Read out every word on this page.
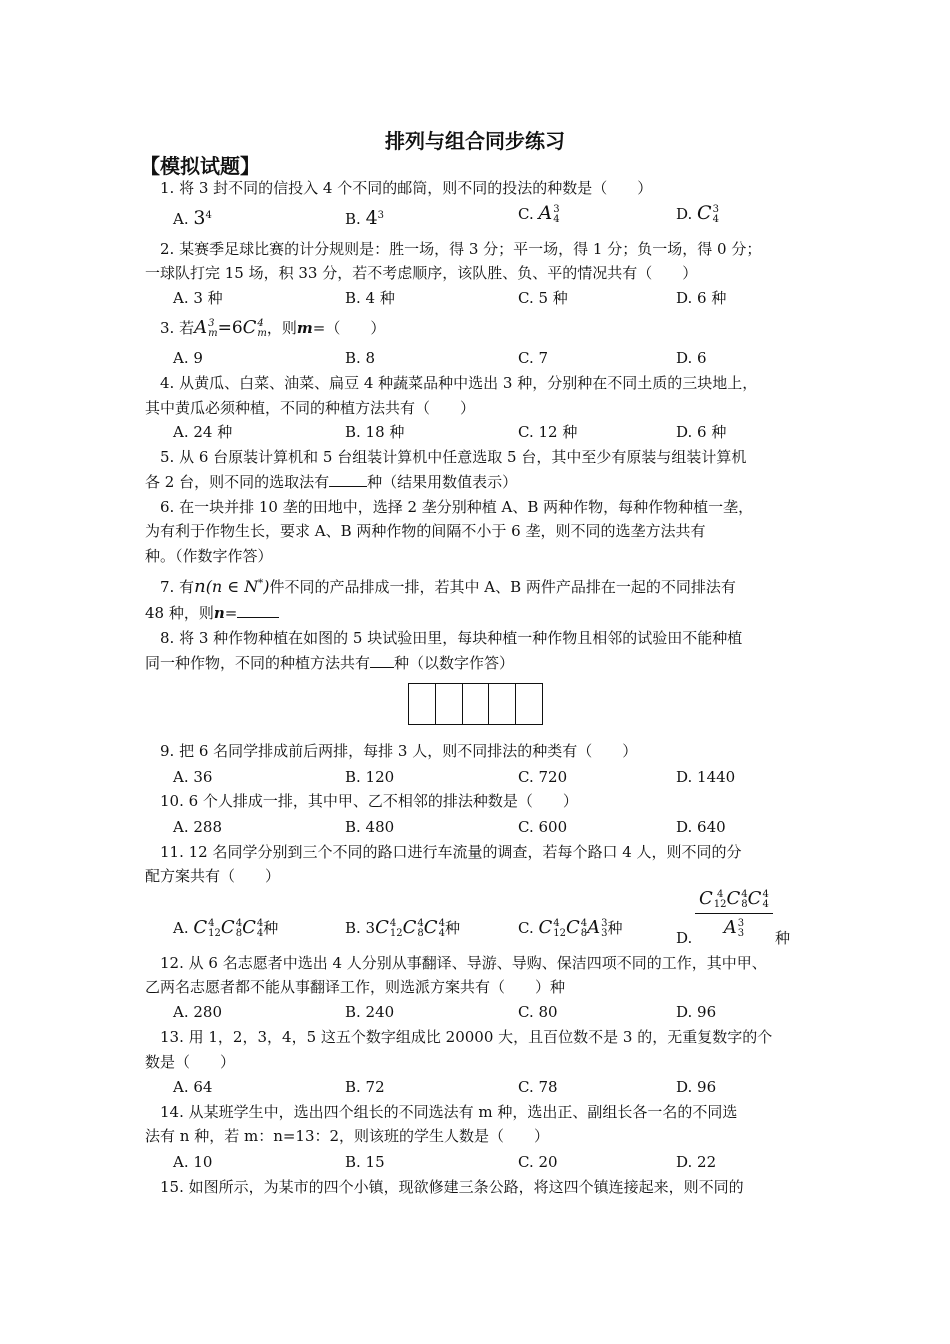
排列与组合同步练习
【模拟试题】
1. 将 3 封不同的信投入 4 个不同的邮筒，则不同的投法的种数是（　　）
A. $3^4$	B. $4^3$	C. A 3
4	D. C 3
4
2. 某赛季足球比赛的计分规则是：胜一场，得 3 分；平一场，得 1 分；负一场，得 0 分；
一球队打完 15 场，积 33 分，若不考虑顺序，该队胜、负、平的情况共有（　　）
A. 3 种	B. 4 种	C. 5 种	D. 6 种
3. 若A 3
m =6C 4
m ，则m=（　　）
A. 9	B. 8	C. 7	D. 6
4. 从黄瓜、白菜、油菜、扁豆 4 种蔬菜品种中选出 3 种，分别种在不同土质的三块地上，
其中黄瓜必须种植，不同的种植方法共有（　　）
A. 24 种	B. 18 种	C. 12 种	D. 6 种
5. 从 6 台原装计算机和 5 台组装计算机中任意选取 5 台，其中至少有原装与组装计算机
各 2 台，则不同的选取法有	种（结果用数值表示）
6. 在一块并排 10 垄的田地中，选择 2 垄分别种植 A、B 两种作物，每种作物种植一垄，
为有利于作物生长，要求 A、B 两种作物的间隔不小于 6 垄，则不同的选垄方法共有
种。（作数字作答）
7. 有n(n ∈ N*)件不同的产品排成一排，若其中 A、B 两件产品排在一起的不同排法有
48 种，则n=
8. 将 3 种作物种植在如图的 5 块试验田里，每块种植一种作物且相邻的试验田不能种植
同一种作物，不同的种植方法共有 种（以数字作答）
9. 把 6 名同学排成前后两排，每排 3 人，则不同排法的种类有（　　）
A. 36	B. 120	C. 720	D. 1440
10. 6 个人排成一排，其中甲、乙不相邻的排法种数是（　　）
A. 288	B. 480	C. 600	D. 640
11. 12 名同学分别到三个不同的路口进行车流量的调查，若每个路口 4 人，则不同的分
配方案共有（　　）
A. C 4
12 C 4
8 C 4
4 种	B. 3C 4
12 C 4
8 C 4
4 种	C. C 4
12 C 4
8 A 3
3 种
D. C 4
12 C 4
8 C 4
4
A 3
3 种
12. 从 6 名志愿者中选出 4 人分别从事翻译、导游、导购、保洁四项不同的工作，其中甲、
乙两名志愿者都不能从事翻译工作，则选派方案共有（　　）种
A. 280	B. 240	C. 80	D. 96
13. 用 1，2，3，4，5 这五个数字组成比 20000 大，且百位数不是 3 的，无重复数字的个
数是（　　）
A. 64	B. 72	C. 78	D. 96
14. 从某班学生中，选出四个组长的不同选法有 m 种，选出正、副组长各一名的不同选
法有 n 种，若 m：n=13：2，则该班的学生人数是（　　）
A. 10	B. 15	C. 20	D. 22
15. 如图所示，为某市的四个小镇，现欲修建三条公路，将这四个镇连接起来，则不同的
